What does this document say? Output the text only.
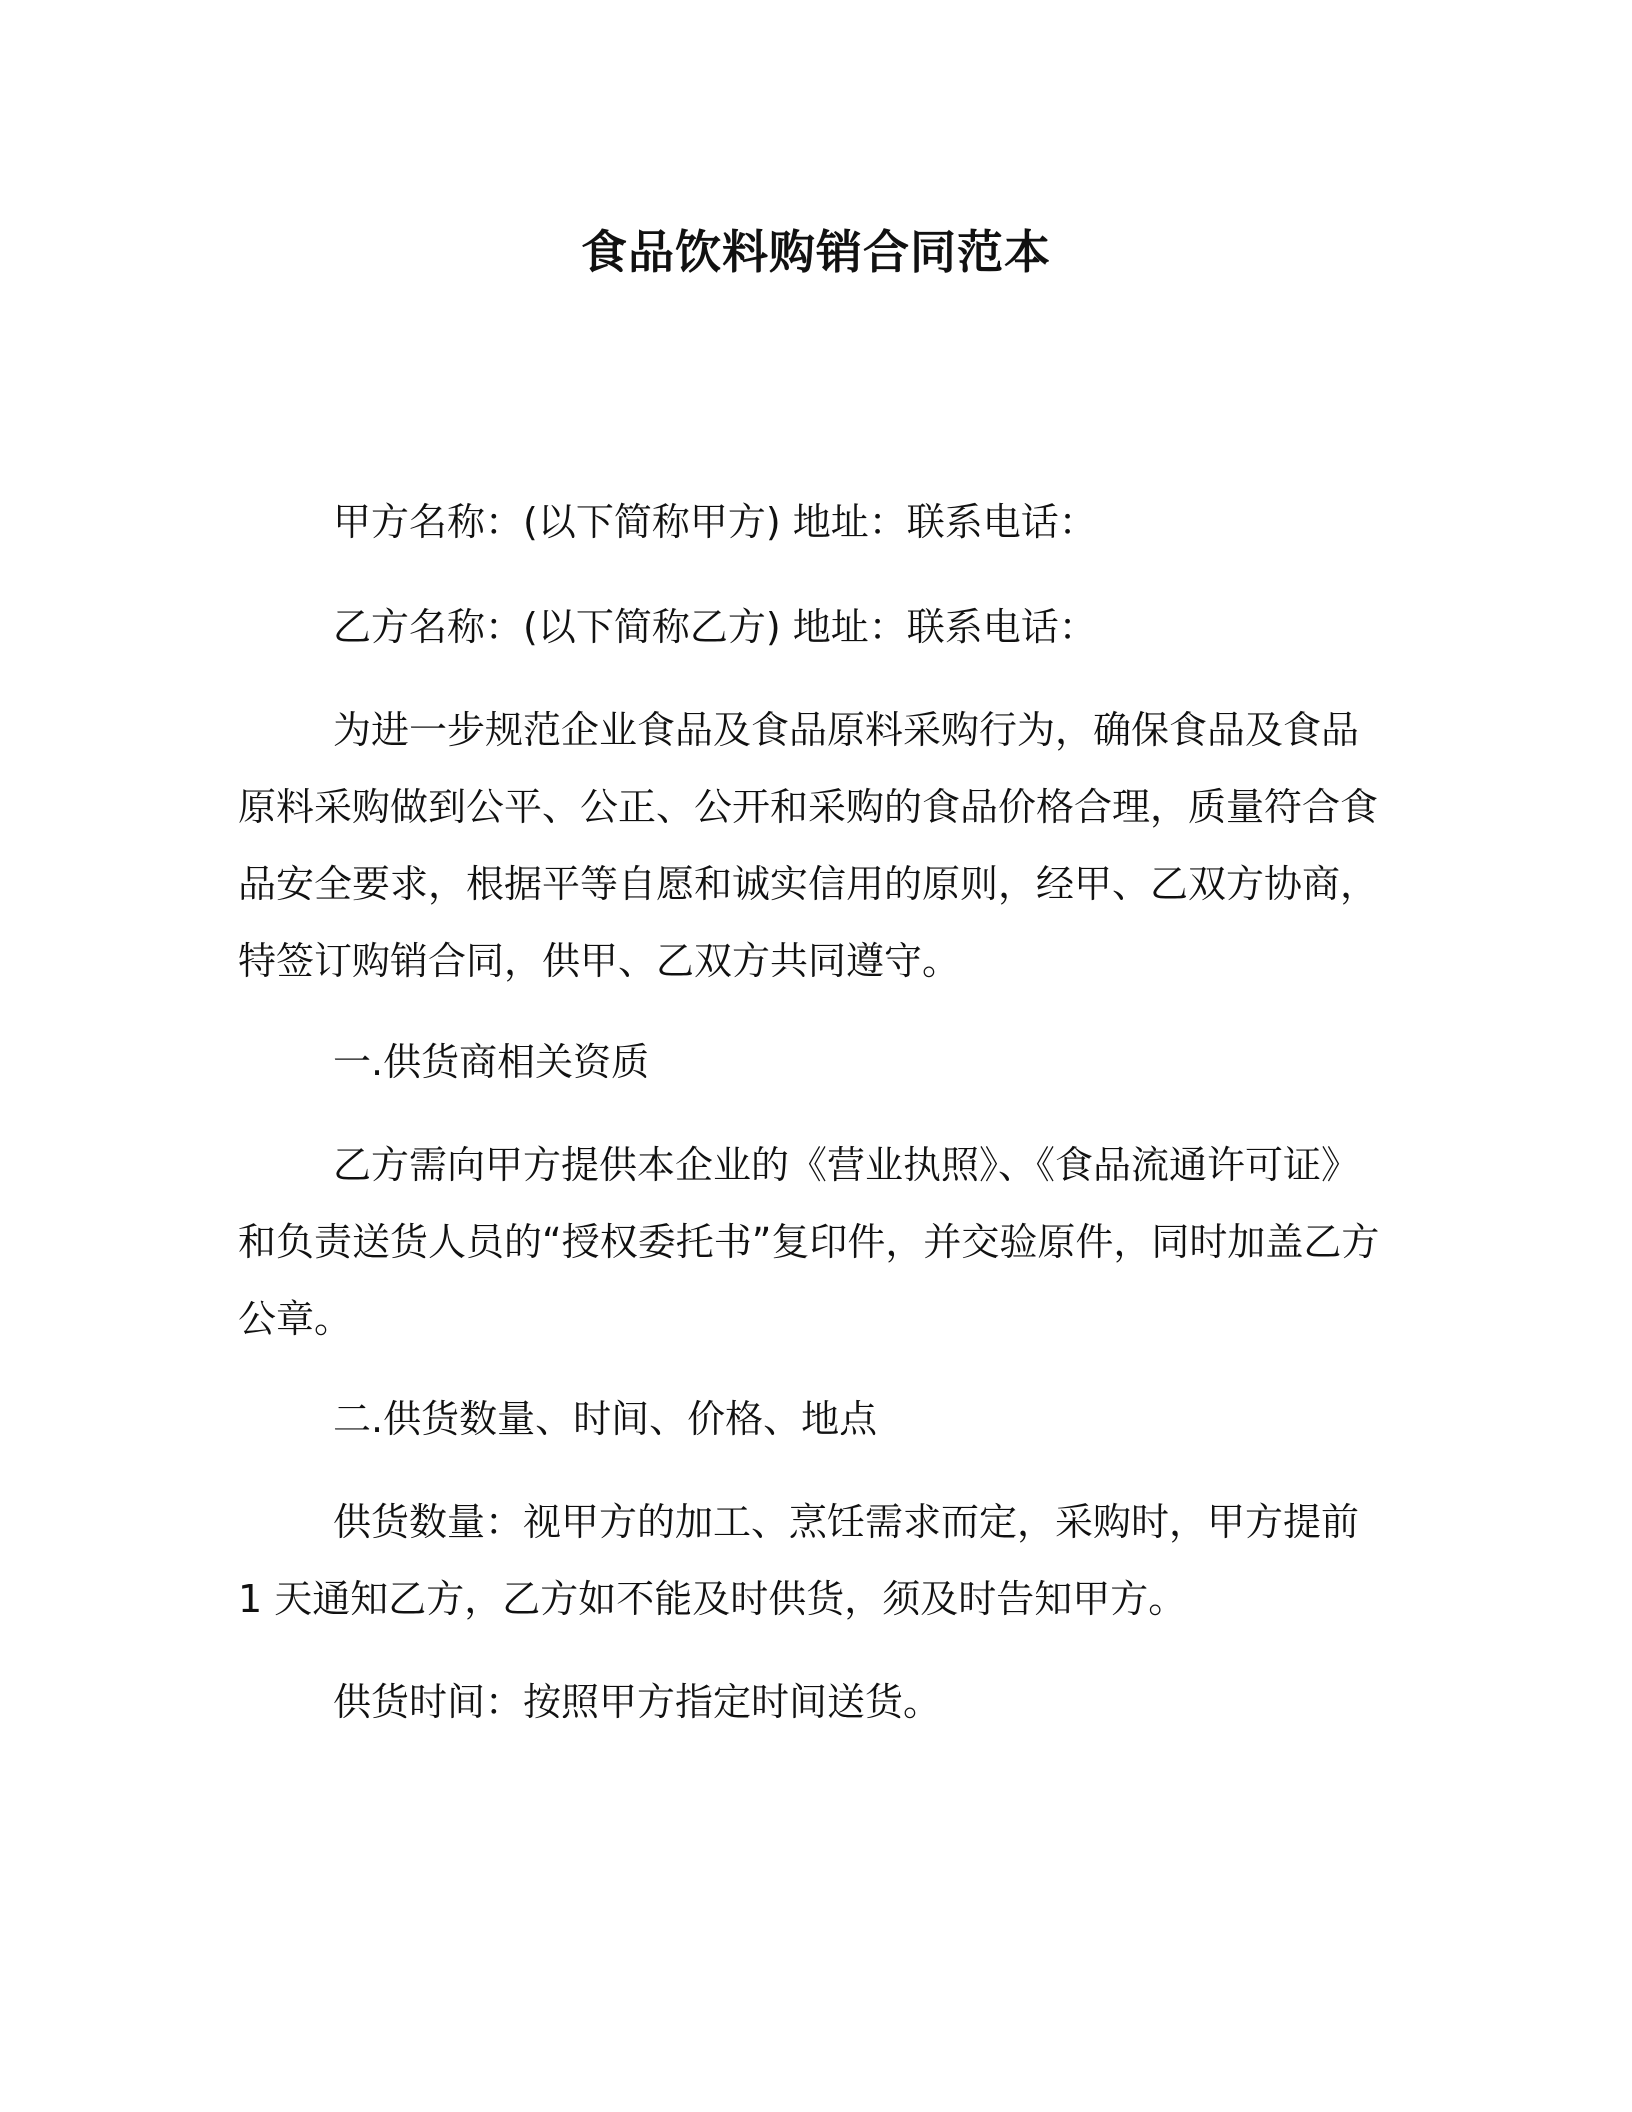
食品饮料购销合同范本

甲方名称：(以下简称甲方) 地址：联系电话：

乙方名称：(以下简称乙方) 地址：联系电话：

为进一步规范企业食品及食品原料采购行为，确保食品及食品原料采购做到公平、公正、公开和采购的食品价格合理，质量符合食品安全要求，根据平等自愿和诚实信用的原则，经甲、乙双方协商，特签订购销合同，供甲、乙双方共同遵守。

一.供货商相关资质

乙方需向甲方提供本企业的《营业执照》、《食品流通许可证》和负责送货人员的“授权委托书”复印件，并交验原件，同时加盖乙方公章。

二.供货数量、时间、价格、地点

供货数量：视甲方的加工、烹饪需求而定，采购时，甲方提前 1 天通知乙方，乙方如不能及时供货，须及时告知甲方。

供货时间：按照甲方指定时间送货。
